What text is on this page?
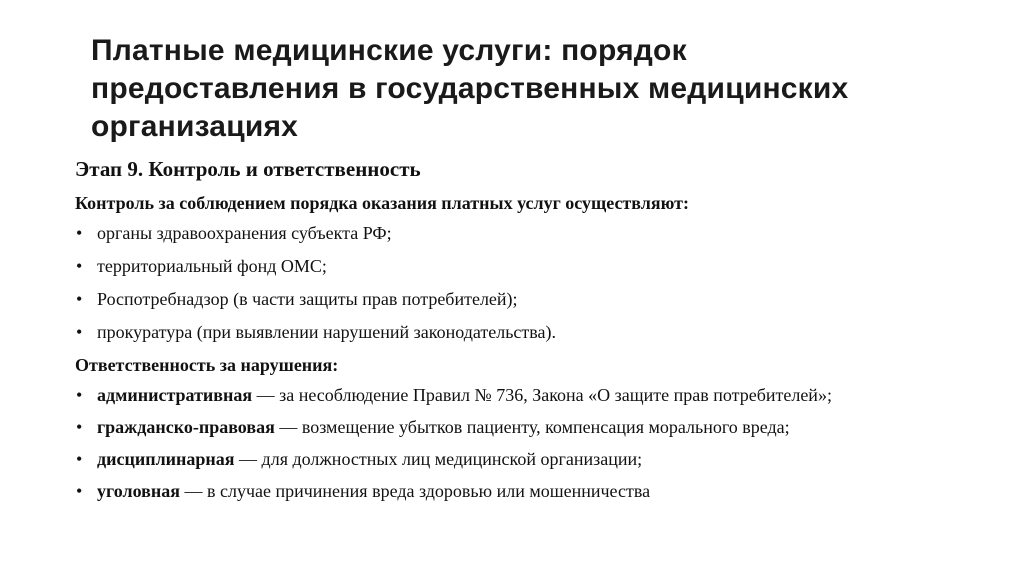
Платные медицинские услуги: порядок
предоставления в государственных медицинских
организациях
Этап 9. Контроль и ответственность
Контроль за соблюдением порядка оказания платных услуг осуществляют:
• органы здравоохранения субъекта РФ;
• территориальный фонд ОМС;
• Роспотребнадзор (в части защиты прав потребителей);
• прокуратура (при выявлении нарушений законодательства).
Ответственность за нарушения:
• административная — за несоблюдение Правил № 736, Закона «О защите прав потребителей»;
• гражданско-правовая — возмещение убытков пациенту, компенсация морального вреда;
• дисциплинарная — для должностных лиц медицинской организации;
• уголовная — в случае причинения вреда здоровью или мошенничества
